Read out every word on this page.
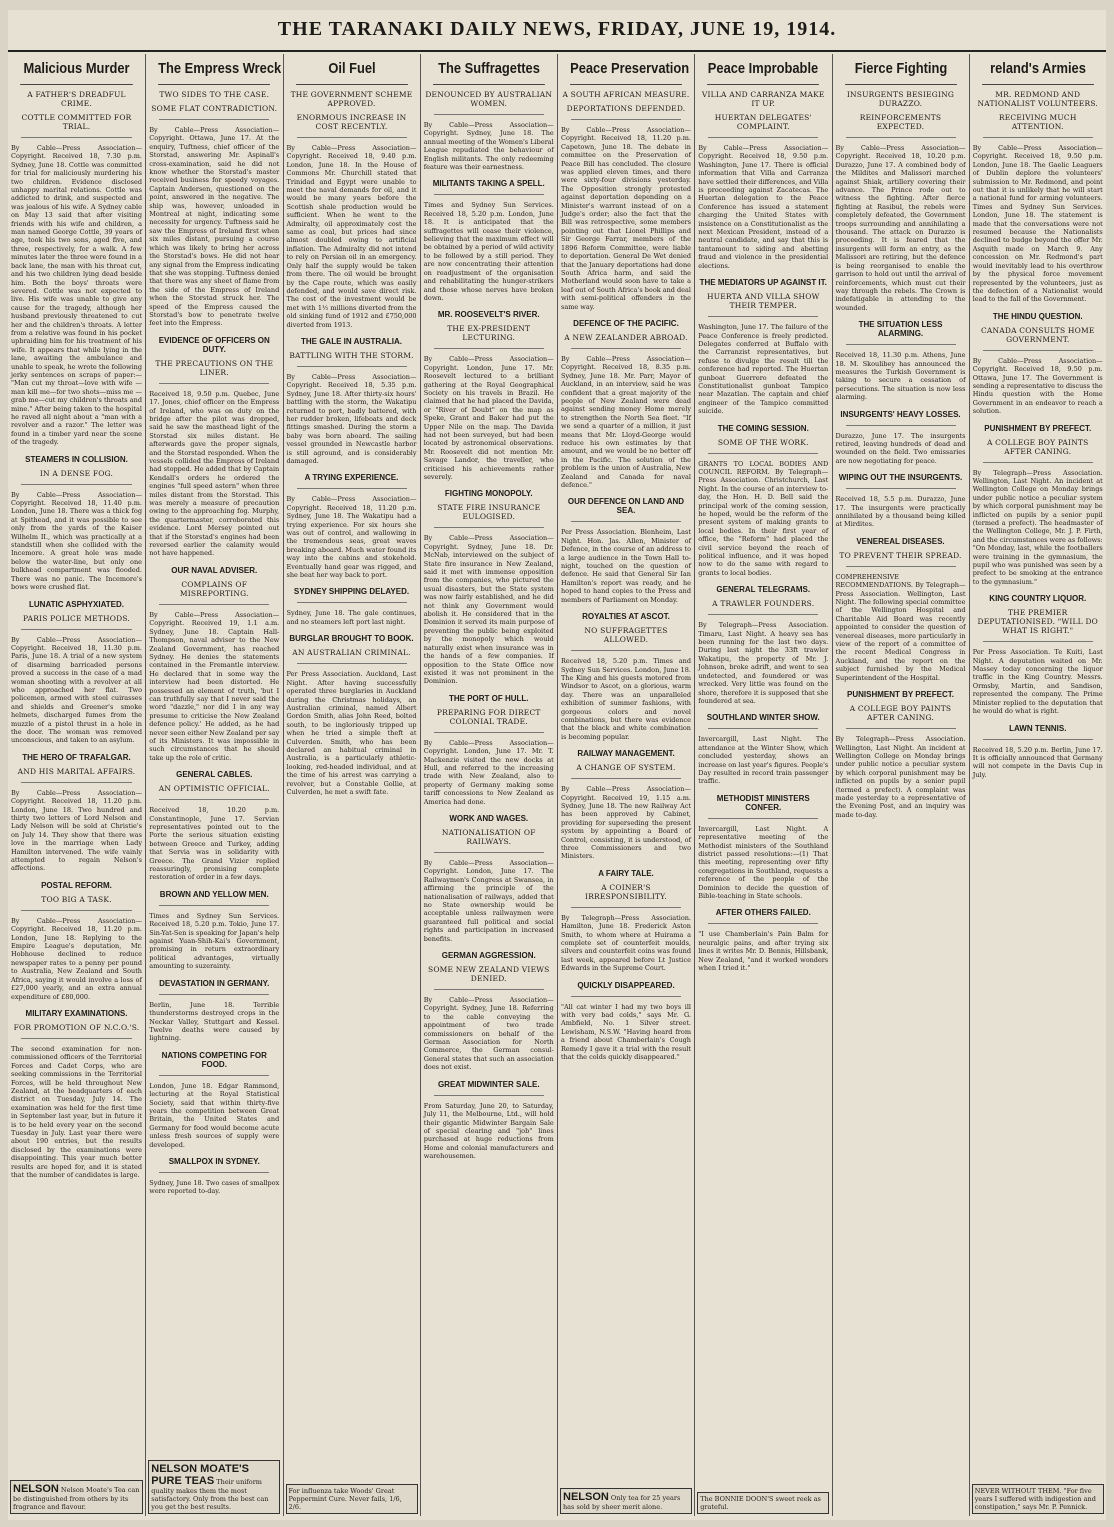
THE TARANAKI DAILY NEWS, FRIDAY, JUNE 19, 1914.
Malicious Murder
A FATHER'S DREADFUL CRIME.
COTTLE COMMITTED FOR TRIAL.

By Cable—Press Association—Copyright. Received 18, 7.30 p.m. Sydney, June 18. Cottle was committed for trial for maliciously murdering his two children. Evidence disclosed unhappy marital relations. Cottle was addicted to drink, and suspected and was jealous of his wife. A Sydney cable on May 13 said that after visiting friends with his wife and children, a man named George Cottle, 39 years of age, took his two sons, aged five, and three, respectively, for a walk. A few minutes later the three were found in a back lane, the man with his throat cut, and his two children lying dead beside him. Both the boys' throats were severed. Cottle was not expected to live. His wife was unable to give any cause for the tragedy, although her husband previously threatened to cut her and the children's throats. A letter from a relative was found in his pocket upbraiding him for his treatment of his wife. It appears that while lying in the lane, awaiting the ambulance and unable to speak, he wrote the following jerky sentences on scraps of paper:— "Man cut my throat—love with wife —man kill me—for two shots—miss me —grab me—cut my children's throats and mine." After being taken to the hospital he raved all night about a "man with a revolver and a razor." The letter was found in a timber yard near the scene of the tragedy.

STEAMERS IN COLLISION.
IN A DENSE FOG.

By Cable—Press Association—Copyright. Received 18, 11.40 p.m. London, June 18. There was a thick fog at Spithead, and it was possible to see only from the yards of the Kaiser Wilhelm II., which was practically at a standstill when she collided with the Incemore. A great hole was made below the water-line, but only one bulkhead compartment was flooded. There was no panic. The Incemore's bows were crushed flat.

LUNATIC ASPHYXIATED.
PARIS POLICE METHODS.

By Cable—Press Association—Copyright. Received 18, 11.30 p.m. Paris, June 18. A trial of a new system of disarming barricaded persons proved a success in the case of a mad woman shooting with a revolver at all who approached her flat. Two policemen, armed with steel cuirasses and shields and Greener's smoke helmets, discharged fumes from the muzzle of a pistol thrust in a hole in the door. The woman was removed unconscious, and taken to an asylum.

THE HERO OF TRAFALGAR.
AND HIS MARITAL AFFAIRS.

By Cable—Press Association—Copyright. Received 18, 11.20 p.m. London, June 18. Two hundred and thirty two letters of Lord Nelson and Lady Nelson will be sold at Christie's on July 14. They show that there was love in the marriage when Lady Hamilton intervened. The wife vainly attempted to regain Nelson's affections.

POSTAL REFORM.
TOO BIG A TASK.

By Cable—Press Association—Copyright. Received 18, 11.20 p.m. London, June 18. Replying to the Empire League's deputation, Mr. Hobhouse declined to reduce newspaper rates to a penny per pound to Australia, New Zealand and South Africa, saying it would involve a loss of £27,000 yearly, and an extra annual expenditure of £80,000.

MILITARY EXAMINATIONS.
FOR PROMOTION OF N.C.O.'S.

The second examination for non-commissioned officers of the Territorial Forces and Cadet Corps, who are seeking commissions in the Territorial Forces, will be held throughout New Zealand, at the headquarters of each district on Tuesday, July 14. The examination was held for the first time in September last year, but in future it is to be held every year on the second Tuesday in July. Last year there were about 190 entries, but the results disclosed by the examinations were disappointing. This year much better results are hoped for, and it is stated that the number of candidates is large.

NELSON Nelson Moate's Tea can be distinguished from others by its fragrance and flavour.
The Empress Wreck
TWO SIDES TO THE CASE.
SOME FLAT CONTRADICTION.

By Cable—Press Association—Copyright. Ottawa, June 17. At the enquiry, Tuftness, chief officer of the Storstad, answering Mr. Aspinall's cross-examination, said he did not know whether the Storstad's master received business for speedy voyages. Captain Andersen, questioned on the point, answered in the negative. The ship was, however, unloaded in Montreal at night, indicating some necessity for urgency. Tuftness said he saw the Empress of Ireland first when six miles distant, pursuing a course which was likely to bring her across the Storstad's bows. He did not hear any signal from the Empress indicating that she was stopping. Tuftness denied that there was any sheet of flame from the side of the Empress of Ireland when the Storstad struck her. The speed of the Empress caused the Storstad's bow to penetrate twelve feet into the Empress.

EVIDENCE OF OFFICERS ON DUTY.
THE PRECAUTIONS ON THE LINER.

Received 18, 9.50 p.m. Quebec, June 17. Jones, chief officer on the Empress of Ireland, who was on duty on the bridge after the pilot was dropped, said he saw the masthead light of the Storstad six miles distant. He afterwards gave the proper signals, and the Storstad responded. When the vessels collided the Empress of Ireland had stopped. He added that by Captain Kendall's orders he ordered the engines "full speed astern" when three miles distant from the Storstad. This was merely a measure of precaution owing to the approaching fog. Murphy, the quartermaster, corroborated this evidence. Lord Mersey pointed out that if the Storstad's engines had been reversed earlier the calamity would not have happened.

OUR NAVAL ADVISER.
COMPLAINS OF MISREPORTING.

By Cable—Press Association—Copyright. Received 19, 1.1 a.m. Sydney, June 18. Captain Hall-Thompson, naval adviser to the New Zealand Government, has reached Sydney. He denies the statements contained in the Fremantle interview. He declared that in some way the interview had been distorted. He possessed an element of truth, 'but I can truthfully say that I never said the word "dazzle," nor did I in any way presume to criticise the New Zealand defence policy.' He added, as he had never seen either New Zealand per say of its Ministers. It was impossible in such circumstances that he should take up the role of critic.

GENERAL CABLES.
AN OPTIMISTIC OFFICIAL.

Received 18, 10.20 p.m. Constantinople, June 17. Servian representatives pointed out to the Porte the serious situation existing between Greece and Turkey, adding that Servia was in solidarity with Greece. The Grand Vizier replied reassuringly, promising complete restoration of order in a few days.

BROWN AND YELLOW MEN.

Times and Sydney Sun Services. Received 18, 5.20 p.m. Tokio, June 17. Sin-Yat-Sen is speaking for Japan's help against Yuan-Shih-Kai's Government, promising in return extraordinary political advantages, virtually amounting to suzerainty.

DEVASTATION IN GERMANY.

Berlin, June 18. Terrible thunderstorms destroyed crops in the Neckar Valley, Stuttgart and Kessel. Twelve deaths were caused by lightning.

NATIONS COMPETING FOR FOOD.

London, June 18. Edgar Rammond, lecturing at the Royal Statistical Society, said that within thirty-five years the competition between Great Britain, the United States and Germany for food would become acute unless fresh sources of supply were developed.

SMALLPOX IN SYDNEY.

Sydney, June 18. Two cases of smallpox were reported to-day.

NELSON MOATE'S PURE TEAS Their uniform quality makes them the most satisfactory. Only from the best can you get the best results.
Oil Fuel
THE GOVERNMENT SCHEME APPROVED.
ENORMOUS INCREASE IN COST RECENTLY.

By Cable—Press Association—Copyright. Received 18, 9.40 p.m. London, June 18. In the House of Commons Mr. Churchill stated that Trinidad and Egypt were unable to meet the naval demands for oil, and it would be many years before the Scottish shale production would be sufficient. When he went to the Admiralty, oil approximately cost the same as coal, but prices had since almost doubled owing to artificial inflation. The Admiralty did not intend to rely on Persian oil in an emergency. Only half the supply would be taken from there. The oil would be brought by the Cape route, which was easily defended, and would save direct risk. The cost of the investment would be met with 1½ millions diverted from the old sinking fund of 1912 and £750,000 diverted from 1913.

THE GALE IN AUSTRALIA.
BATTLING WITH THE STORM.

By Cable—Press Association—Copyright. Received 18, 5.35 p.m. Sydney, June 18. After thirty-six hours' battling with the storm, the Wakatipu returned to port, badly battered, with her rudder broken, lifeboats and deck fittings smashed. During the storm a baby was born aboard. The sailing vessel grounded in Newcastle harbor is still aground, and is considerably damaged.

A TRYING EXPERIENCE.

By Cable—Press Association—Copyright. Received 18, 11.20 p.m. Sydney, June 18. The Wakatipu had a trying experience. For six hours she was out of control, and wallowing in the tremendous seas, great waves breaking aboard. Much water found its way into the cabins and stokehold. Eventually hand gear was rigged, and she beat her way back to port.

SYDNEY SHIPPING DELAYED.

Sydney, June 18. The gale continues, and no steamers left port last night.

BURGLAR BROUGHT TO BOOK.
AN AUSTRALIAN CRIMINAL.

Per Press Association. Auckland, Last Night. After having successfully operated three burglaries in Auckland during the Christmas holidays, an Australian criminal, named Albert Gordon Smith, alias John Reed, bolted south, to be ingloriously tripped up when he tried a simple theft at Culverden. Smith, who has been declared an habitual criminal in Australia, is a particularly athletic-looking, red-headed individual, and at the time of his arrest was carrying a revolver, but a Constable Gollie, at Culverden, he met a swift fate.

For influenza take Woods' Great Peppermint Cure. Never fails, 1/6, 2/6.
The Suffragettes
DENOUNCED BY AUSTRALIAN WOMEN.

By Cable—Press Association—Copyright. Sydney, June 18. The annual meeting of the Women's Liberal League repudiated the behaviour of English militants. The only redeeming feature was their earnestness.

MILITANTS TAKING A SPELL.

Times and Sydney Sun Services. Received 18, 5.20 p.m. London, June 18. It is anticipated that the suffragettes will cease their violence, believing that the maximum effect will be obtained by a period of wild activity to be followed by a still period. They are now concentrating their attention on readjustment of the organisation and rehabilitating the hunger-strikers and those whose nerves have broken down.

MR. ROOSEVELT'S RIVER.
THE EX-PRESIDENT LECTURING.

By Cable—Press Association—Copyright. London, June 17. Mr. Roosevelt lectured to a brilliant gathering at the Royal Geographical Society on his travels in Brazil. He claimed that he had placed the Davida, or "River of Doubt" on the map as Speke, Grant and Baker had put the Upper Nile on the map. The Davida had not been surveyed, but had been located by astronomical observations. Mr. Roosevelt did not mention Mr. Savage Landor, the traveller, who criticised his achievements rather severely.

FIGHTING MONOPOLY.
STATE FIRE INSURANCE EULOGISED.

By Cable—Press Association—Copyright. Sydney, June 18. Dr. McNab, interviewed on the subject of State fire insurance in New Zealand, said it met with immense opposition from the companies, who pictured the usual disasters, but the State system was now fairly established, and he did not think any Government would abolish it. He considered that in the Dominion it served its main purpose of preventing the public being exploited by the monopoly which would naturally exist when insurance was in the hands of a few companies. If opposition to the State Office now existed it was not prominent in the Dominion.

THE PORT OF HULL.
PREPARING FOR DIRECT COLONIAL TRADE.

By Cable—Press Association—Copyright. London, June 17. Mr. T. Mackenzie visited the new docks at Hull, and referred to the increasing trade with New Zealand, also to property of Germany making some tariff concessions to New Zealand as America had done.

WORK AND WAGES.
NATIONALISATION OF RAILWAYS.

By Cable—Press Association—Copyright. London, June 17. The Railwaymen's Congress at Swansea, in affirming the principle of the nationalisation of railways, added that no State ownership would be acceptable unless railwaymen were guaranteed full political and social rights and participation in increased benefits.

GERMAN AGGRESSION.
SOME NEW ZEALAND VIEWS DENIED.

By Cable—Press Association—Copyright. Sydney, June 18. Referring to the cable conveying the appointment of two trade commissioners on behalf of the German Association for North Commerce, the German consul-General states that such an association does not exist.

GREAT MIDWINTER SALE.

From Saturday, June 20, to Saturday, July 11, the Melbourne, Ltd., will hold their gigantic Midwinter Bargain Sale of special clearing and "job" lines purchased at huge reductions from Home and colonial manufacturers and warehousemen.

Peace Preservation
A SOUTH AFRICAN MEASURE.
DEPORTATIONS DEFENDED.

By Cable—Press Association—Copyright. Received 18, 11.20 p.m. Capetown, June 18. The debate in committee on the Preservation of Peace Bill has concluded. The closure was applied eleven times, and there were sixty-four divisions yesterday. The Opposition strongly protested against deportation depending on a Minister's warrant instead of on a Judge's order; also the fact that the Bill was retrospective, some members pointing out that Lionel Phillips and Sir George Farrar, members of the 1896 Reform Committee, were liable to deportation. General De Wet denied that the January deportations had done South Africa harm, and said the Motherland would soon have to take a leaf out of South Africa's book and deal with semi-political offenders in the same way.

DEFENCE OF THE PACIFIC.
A NEW ZEALANDER ABROAD.

By Cable—Press Association—Copyright. Received 18, 8.35 p.m. Sydney, June 18. Mr. Parr, Mayor of Auckland, in an interview, said he was confident that a great majority of the people of New Zealand were dead against sending money Home merely to strengthen the North Sea fleet. "If we send a quarter of a million, it just means that Mr. Lloyd-George would reduce his own estimates by that amount, and we would be no better off in the Pacific. The solution of the problem is the union of Australia, New Zealand and Canada for naval defence."

OUR DEFENCE ON LAND AND SEA.

Per Press Association. Blenheim, Last Night. Hon. Jas. Allen, Minister of Defence, in the course of an address to a large audience in the Town Hall to-night, touched on the question of defence. He said that General Sir Ian Hamilton's report was ready, and he hoped to hand copies to the Press and members of Parliament on Monday.

ROYALTIES AT ASCOT.
NO SUFFRAGETTES ALLOWED.

Received 18, 5.20 p.m. Times and Sydney Sun Services. London, June 18. The King and his guests motored from Windsor to Ascot, on a glorious, warm day. There was an unparalleled exhibition of summer fashions, with gorgeous colors and novel combinations, but there was evidence that the black and white combination is becoming popular.

RAILWAY MANAGEMENT.
A CHANGE OF SYSTEM.

By Cable—Press Association—Copyright. Received 19, 1.15 a.m. Sydney, June 18. The new Railway Act has been approved by Cabinet, providing for superseding the present system by appointing a Board of Control, consisting, it is understood, of three Commissioners and two Ministers.

A FAIRY TALE.
A COINER'S IRRESPONSIBILITY.

By Telegraph—Press Association. Hamilton, June 18. Frederick Aston Smith, to whom where at Huirama a complete set of counterfeit moulds, silvers and counterfeit coins was found last week, appeared before Lt Justice Edwards in the Supreme Court.

QUICKLY DISAPPEARED.

"All cat winter I had my two boys ill with very bad colds," says Mr. G. Ambfield, No. 1 Silver street. Lewisham, N.S.W. "Having heard from a friend about Chamberlain's Cough Remedy I gave it a trial with the result that the colds quickly disappeared."

NELSON Only tea for 25 years has sold by sheer merit alone.
Peace Improbable
VILLA AND CARRANZA MAKE IT UP.
HUERTAN DELEGATES' COMPLAINT.

By Cable—Press Association—Copyright. Received 18, 9.50 p.m. Washington, June 17. There is official information that Villa and Carranza have settled their differences, and Villa is proceeding against Zacatecas. The Huertan delegation to the Peace Conference has issued a statement charging the United States with insistence on a Constitutionalist as the next Mexican President, instead of a neutral candidate, and say that this is tantamount to siding and abetting fraud and violence in the presidential elections.

THE MEDIATORS UP AGAINST IT.
HUERTA AND VILLA SHOW THEIR TEMPER.

Washington, June 17. The failure of the Peace Conference is freely predicted. Delegates conferred at Buffalo with the Carranzist representatives, but refuse to divulge the result till the conference had reported. The Huertan gunboat Guerrero defeated the Constitutionalist gunboat Tampico near Mazatlan. The captain and chief engineer of the Tampico committed suicide.

THE COMING SESSION.
SOME OF THE WORK.

GRANTS TO LOCAL BODIES AND COUNCIL REFORM. By Telegraph—Press Association. Christchurch, Last Night. In the course of an interview to-day, the Hon. H. D. Bell said the principal work of the coming session, he hoped, would be the reform of the present system of making grants to local bodies. In their first year of office, the "Reform" had placed the civil service beyond the reach of political influence, and it was hoped now to do the same with regard to grants to local bodies.

GENERAL TELEGRAMS.
A TRAWLER FOUNDERS.

By Telegraph—Press Association. Timaru, Last Night. A heavy sea has been running for the last two days. During last night the 33ft trawler Wakatipu, the property of Mr. J. Johnson, broke adrift, and went to sea undetected, and foundered or was wrecked. Very little was found on the shore, therefore it is supposed that she foundered at sea.

SOUTHLAND WINTER SHOW.

Invercargill, Last Night. The attendance at the Winter Show, which concluded yesterday, shows an increase on last year's figures. People's Day resulted in record train passenger traffic.

METHODIST MINISTERS CONFER.

Invercargill, Last Night. A representative meeting of the Methodist ministers of the Southland district passed resolutions:—(1) That this meeting, representing over fifty congregations in Southland, requests a reference of the people of the Dominion to decide the question of Bible-teaching in State schools.

AFTER OTHERS FAILED.

"I use Chamberlain's Pain Balm for neuralgic pains, and after trying six lines it writes Mr. D. Bennis, Hillsbank, New Zealand, "and it worked wonders when I tried it."

The BONNIE DOON'S sweet reek as grateful.
Fierce Fighting
INSURGENTS BESIEGING DURAZZO.
REINFORCEMENTS EXPECTED.

By Cable—Press Association—Copyright. Received 18, 10.20 p.m. Durazzo, June 17. A combined body of the Mildites and Malissori marched against Shiak, artillery covering their advance. The Prince rode out to witness the fighting. After fierce fighting at Rasibul, the rebels were completely defeated, the Government troops surrounding and annihilating a thousand. The attack on Durazzo is proceeding. It is feared that the insurgents will form an entry, as the Malissori are retiring, but the defence is being reorganised to enable the garrison to hold out until the arrival of reinforcements, which must cut their way through the rebels. The Crown is indefatigable in attending to the wounded.

THE SITUATION LESS ALARMING.

Received 18, 11.30 p.m. Athens, June 18. M. Skoulibey has announced the measures the Turkish Government is taking to secure a cessation of persecutions. The situation is now less alarming.

INSURGENTS' HEAVY LOSSES.

Durazzo, June 17. The insurgents retired, leaving hundreds of dead and wounded on the field. Two emissaries are now negotiating for peace.

WIPING OUT THE INSURGENTS.

Received 18, 5.5 p.m. Durazzo, June 17. The insurgents were practically annihilated by a thousand being killed at Mirdites.

VENEREAL DISEASES.
TO PREVENT THEIR SPREAD.

COMPREHENSIVE RECOMMENDATIONS. By Telegraph—Press Association. Wellington, Last Night. The following special committee of the Wellington Hospital and Charitable Aid Board was recently appointed to consider the question of venereal diseases, more particularly in view of the report of a committee of the recent Medical Congress in Auckland, and the report on the subject furnished by the Medical Superintendent of the Hospital.

PUNISHMENT BY PREFECT.
A COLLEGE BOY PAINTS AFTER CANING.

By Telegraph—Press Association. Wellington, Last Night. An incident at Wellington College on Monday brings under public notice a peculiar system by which corporal punishment may be inflicted on pupils by a senior pupil (termed a prefect). A complaint was made yesterday to a representative of the Evening Post, and an inquiry was made to-day.

reland's Armies
MR. REDMOND AND NATIONALIST VOLUNTEERS.
RECEIVING MUCH ATTENTION.

By Cable—Press Association—Copyright. Received 18, 9.50 p.m. London, June 18. The Gaelic Leaguers of Dublin deplore the volunteers' submission to Mr. Redmond, and point out that it is unlikely that he will start a national fund for arming volunteers. Times and Sydney Sun Services. London, June 18. The statement is made that the conversations were not resumed because the Nationalists declined to budge beyond the offer Mr. Asquith made on March 9. Any concession on Mr. Redmond's part would inevitably lead to his overthrow by the physical force movement represented by the volunteers, just as the defection of a Nationalist would lead to the fall of the Government.

THE HINDU QUESTION.
CANADA CONSULTS HOME GOVERNMENT.

By Cable—Press Association—Copyright. Received 18, 9.50 p.m. Ottawa, June 17. The Government is sending a representative to discuss the Hindu question with the Home Government in an endeavor to reach a solution.

PUNISHMENT BY PREFECT.
A COLLEGE BOY PAINTS AFTER CANING.

By Telegraph—Press Association. Wellington, Last Night. An incident at Wellington College on Monday brings under public notice a peculiar system by which corporal punishment may be inflicted on pupils by a senior pupil (termed a prefect). The headmaster of the Wellington College, Mr. J. P. Firth, and the circumstances were as follows: "On Monday, last, while the footballers were training in the gymnasium, the pupil who was punished was seen by a prefect to be smoking at the entrance to the gymnasium."

KING COUNTRY LIQUOR.
THE PREMIER DEPUTATIONISED. "WILL DO WHAT IS RIGHT."

Per Press Association. Te Kuiti, Last Night. A deputation waited on Mr. Massey today concerning the liquor traffic in the King Country. Messrs. Ormsby, Martin, and Sandison, represented the company. The Prime Minister replied to the deputation that he would do what is right.

LAWN TENNIS.

Received 18, 5.20 p.m. Berlin, June 17. It is officially announced that Germany will not compete in the Davis Cup in July.

NEVER WITHOUT THEM. "For five years I suffered with indigestion and constipation," says Mr. P. Pennick.
